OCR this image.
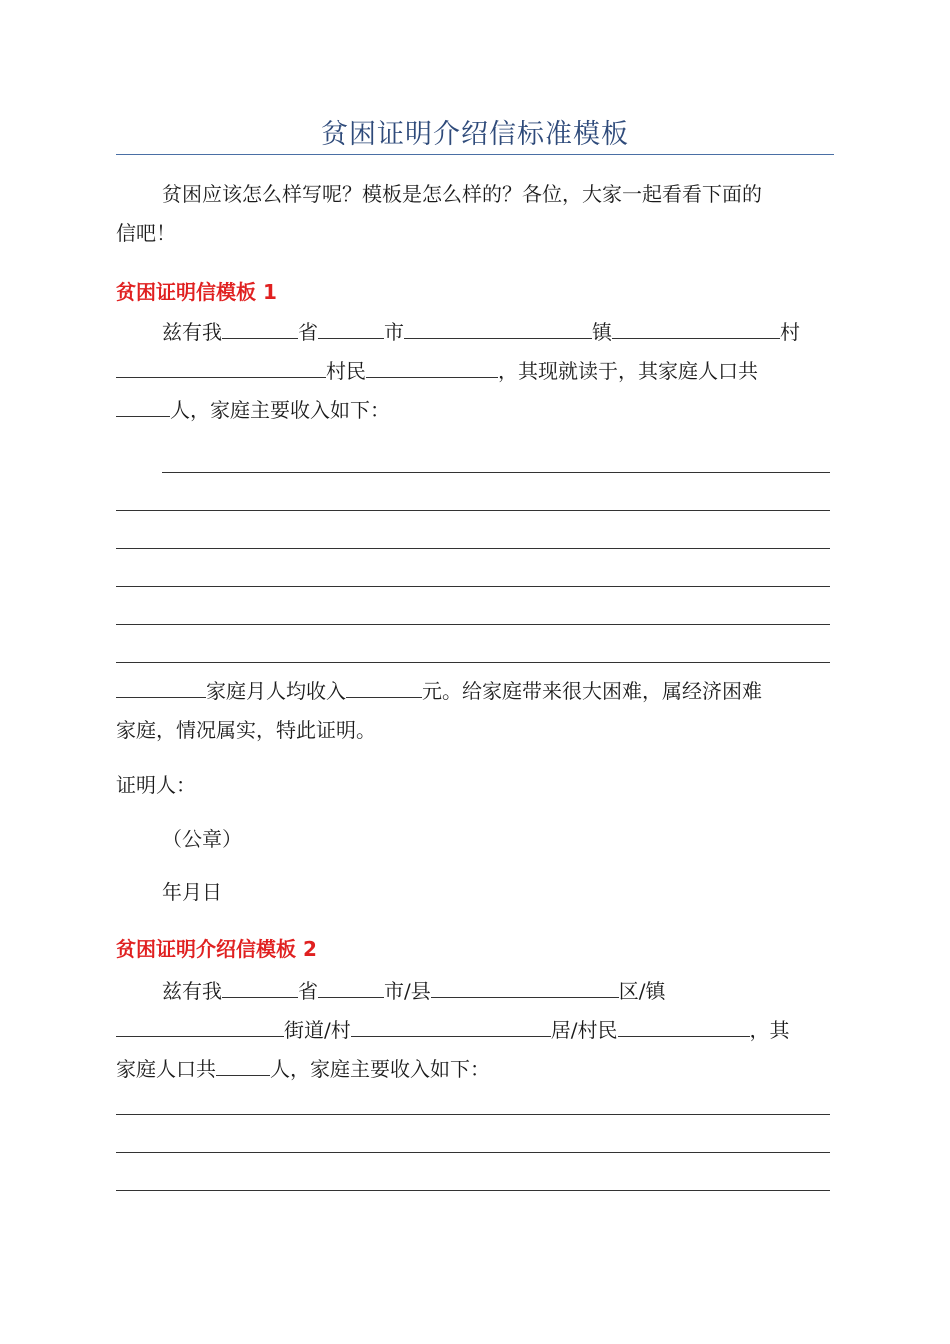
贫困证明介绍信标准模板
贫困应该怎么样写呢？模板是怎么样的？各位，大家一起看看下面的
信吧！
贫困证明信模板 1
兹有我	省	市	镇	村
村民	，其现就读于，其家庭人口共
人，家庭主要收入如下：
家庭月人均收入	元。给家庭带来很大困难，属经济困难
家庭，情况属实，特此证明。
证明人：
（公章）
年月日
贫困证明介绍信模板 2
兹有我	省	市/县	区/镇
街道/村	居/村民	，其
家庭人口共	人，家庭主要收入如下：
